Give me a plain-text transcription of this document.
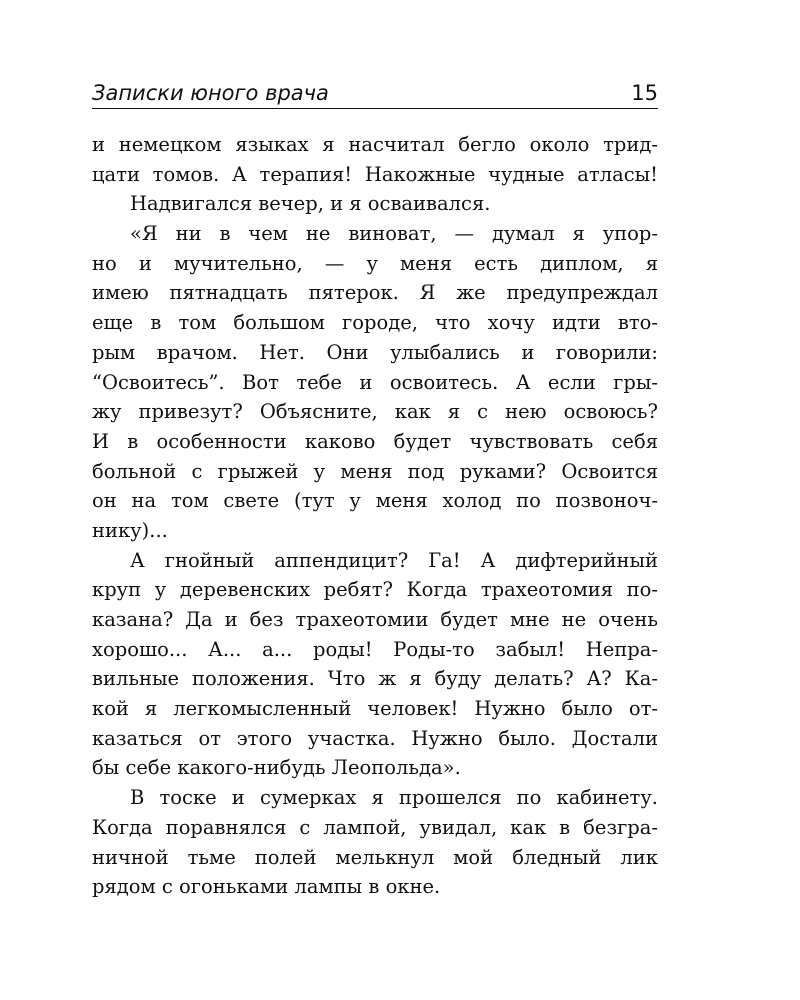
Записки юного врача	15
и немецком языках я насчитал бегло около трид-
цати томов. А терапия! Накожные чудные атласы!
Надвигался вечер, и я осваивался.
«Я ни в чем не виноват, — думал я упор-
но и мучительно, — у меня есть диплом, я
имею пятнадцать пятерок. Я же предупреждал
еще в том большом городе, что хочу идти вто-
рым врачом. Нет. Они улыбались и говорили:
“Освоитесь”. Вот тебе и освоитесь. А если гры-
жу привезут? Объясните, как я с нею освоюсь?
И в особенности каково будет чувствовать себя
больной с грыжей у меня под руками? Освоится
он на том свете (тут у меня холод по позвоноч-
нику)...
А гнойный аппендицит? Га! А дифтерийный
круп у деревенских ребят? Когда трахеотомия по-
казана? Да и без трахеотомии будет мне не очень
хорошо... А... а... роды! Роды-то забыл! Непра-
вильные положения. Что ж я буду делать? А? Ка-
кой я легкомысленный человек! Нужно было от-
казаться от этого участка. Нужно было. Достали
бы себе какого-нибудь Леопольда».
В тоске и сумерках я прошелся по кабинету.
Когда поравнялся с лампой, увидал, как в безгра-
ничной тьме полей мелькнул мой бледный лик
рядом с огоньками лампы в окне.
